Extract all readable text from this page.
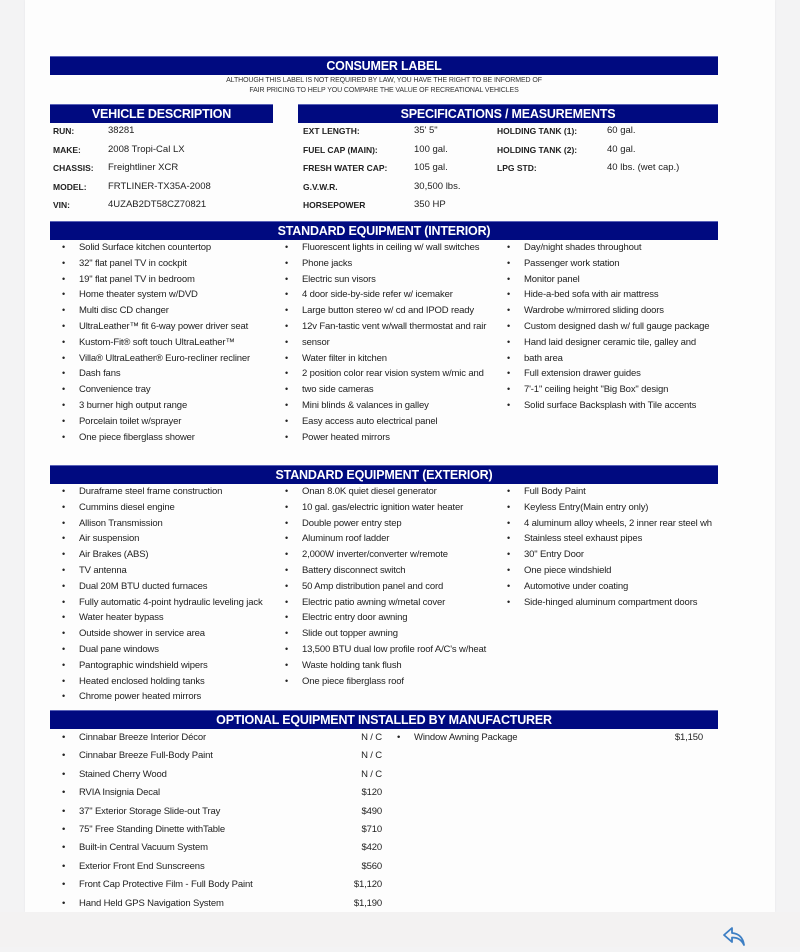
CONSUMER LABEL
ALTHOUGH THIS LABEL IS NOT REQUIRED BY LAW, YOU HAVE THE RIGHT TO BE INFORMED OF
FAIR PRICING TO HELP YOU COMPARE THE VALUE OF RECREATIONAL VEHICLES
VEHICLE DESCRIPTION
RUN:	38281
MAKE:	2008 Tropi-Cal LX
CHASSIS: Freightliner XCR
MODEL: FRTLINER-TX35A-2008
VIN:	4UZAB2DT58CZ70821
SPECIFICATIONS / MEASUREMENTS
EXT LENGTH:	35' 5"
FUEL CAP (MAIN):	100 gal.
FRESH WATER CAP:	105 gal.
G.V.W.R.	30,500 lbs.
HORSEPOWER	350 HP
HOLDING TANK (1):	60 gal.
HOLDING TANK (2):	40 gal.
LPG STD:	40 lbs. (wet cap.)
STANDARD EQUIPMENT (INTERIOR)
• Solid Surface kitchen countertop
• 32" flat panel TV in cockpit
• 19" flat panel TV in bedroom
• Home theater system w/DVD
• Multi disc CD changer
• UltraLeather™ fit 6-way power driver seat
• Kustom-Fit® soft touch UltraLeather™
• Villa® UltraLeather® Euro-recliner recliner
• Dash fans
• Convenience tray
• 3 burner high output range
• Porcelain toilet w/sprayer
• One piece fiberglass shower
• Fluorescent lights in ceiling w/ wall switches
• Phone jacks
• Electric sun visors
• 4 door side-by-side refer w/ icemaker
• Large button stereo w/ cd and IPOD ready
• 12v Fan-tastic vent w/wall thermostat and rair
• sensor
• Water filter in kitchen
• 2 position color rear vision system w/mic and
• two side cameras
• Mini blinds & valances in galley
• Easy access auto electrical panel
• Power heated mirrors
• Day/night shades throughout
• Passenger work station
• Monitor panel
• Hide-a-bed sofa with air mattress
• Wardrobe w/mirrored sliding doors
• Custom designed dash w/ full gauge package
• Hand laid designer ceramic tile, galley and
• bath area
• Full extension drawer guides
• 7'-1" ceiling height "Big Box" design
• Solid surface Backsplash with Tile accents
STANDARD EQUIPMENT (EXTERIOR)
• Duraframe steel frame construction
• Cummins diesel engine
• Allison Transmission
• Air suspension
• Air Brakes (ABS)
• TV antenna
• Dual 20M BTU ducted furnaces
• Fully automatic 4-point hydraulic leveling jack
• Water heater bypass
• Outside shower in service area
• Dual pane windows
• Pantographic windshield wipers
• Heated enclosed holding tanks
• Chrome power heated mirrors
• Onan 8.0K quiet diesel generator
• 10 gal. gas/electric ignition water heater
• Double power entry step
• Aluminum roof ladder
• 2,000W inverter/converter w/remote
• Battery disconnect switch
• 50 Amp distribution panel and cord
• Electric patio awning w/metal cover
• Electric entry door awning
• Slide out topper awning
• 13,500 BTU dual low profile roof A/C's w/heat
• Waste holding tank flush
• One piece fiberglass roof
• Full Body Paint
• Keyless Entry(Main entry only)
• 4 aluminum alloy wheels, 2 inner rear steel wh
• Stainless steel exhaust pipes
• 30" Entry Door
• One piece windshield
• Automotive under coating
• Side-hinged aluminum compartment doors
OPTIONAL EQUIPMENT INSTALLED BY MANUFACTURER
• Cinnabar Breeze Interior Décor	N / C
• Cinnabar Breeze Full-Body Paint	N / C
• Stained Cherry Wood	N / C
• RVIA Insignia Decal	$120
• 37" Exterior Storage Slide-out Tray	$490
• 75" Free Standing Dinette withTable	$710
• Built-in Central Vacuum System	$420
• Exterior Front End Sunscreens	$560
• Front Cap Protective Film - Full Body Paint	$1,120
• Hand Held GPS Navigation System	$1,190
• Window Awning Package	$1,150
